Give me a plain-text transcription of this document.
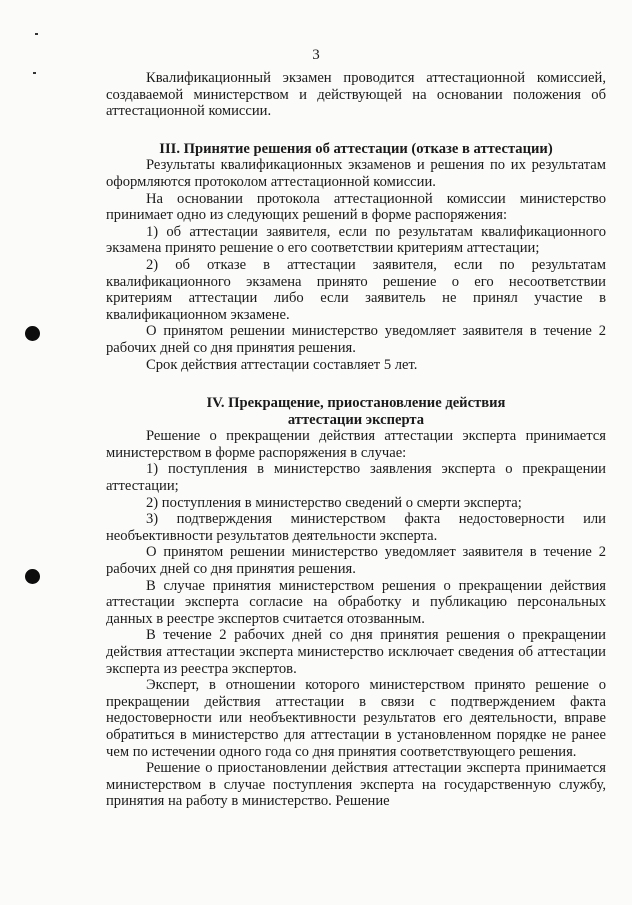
3

Квалификационный экзамен проводится аттестационной комиссией, создаваемой министерством и действующей на основании положения об аттестационной комиссии.

III. Принятие решения об аттестации (отказе в аттестации)

Результаты квалификационных экзаменов и решения по их результатам оформляются протоколом аттестационной комиссии.

На основании протокола аттестационной комиссии министерство принимает одно из следующих решений в форме распоряжения:

1) об аттестации заявителя, если по результатам квалификационного экзамена принято решение о его соответствии критериям аттестации;

2) об отказе в аттестации заявителя, если по результатам квалификационного экзамена принято решение о его несоответствии критериям аттестации либо если заявитель не принял участие в квалификационном экзамене.

О принятом решении министерство уведомляет заявителя в течение 2 рабочих дней со дня принятия решения.

Срок действия аттестации составляет 5 лет.

IV. Прекращение, приостановление действия
аттестации эксперта

Решение о прекращении действия аттестации эксперта принимается министерством в форме распоряжения в случае:

1) поступления в министерство заявления эксперта о прекращении аттестации;

2) поступления в министерство сведений о смерти эксперта;

3) подтверждения министерством факта недостоверности или необъективности результатов деятельности эксперта.

О принятом решении министерство уведомляет заявителя в течение 2 рабочих дней со дня принятия решения.

В случае принятия министерством решения о прекращении действия аттестации эксперта согласие на обработку и публикацию персональных данных в реестре экспертов считается отозванным.

В течение 2 рабочих дней со дня принятия решения о прекращении действия аттестации эксперта министерство исключает сведения об аттестации эксперта из реестра экспертов.

Эксперт, в отношении которого министерством принято решение о прекращении действия аттестации в связи с подтверждением факта недостоверности или необъективности результатов его деятельности, вправе обратиться в министерство для аттестации в установленном порядке не ранее чем по истечении одного года со дня принятия соответствующего решения.

Решение о приостановлении действия аттестации эксперта принимается министерством в случае поступления эксперта на государственную службу, принятия на работу в министерство. Решение
